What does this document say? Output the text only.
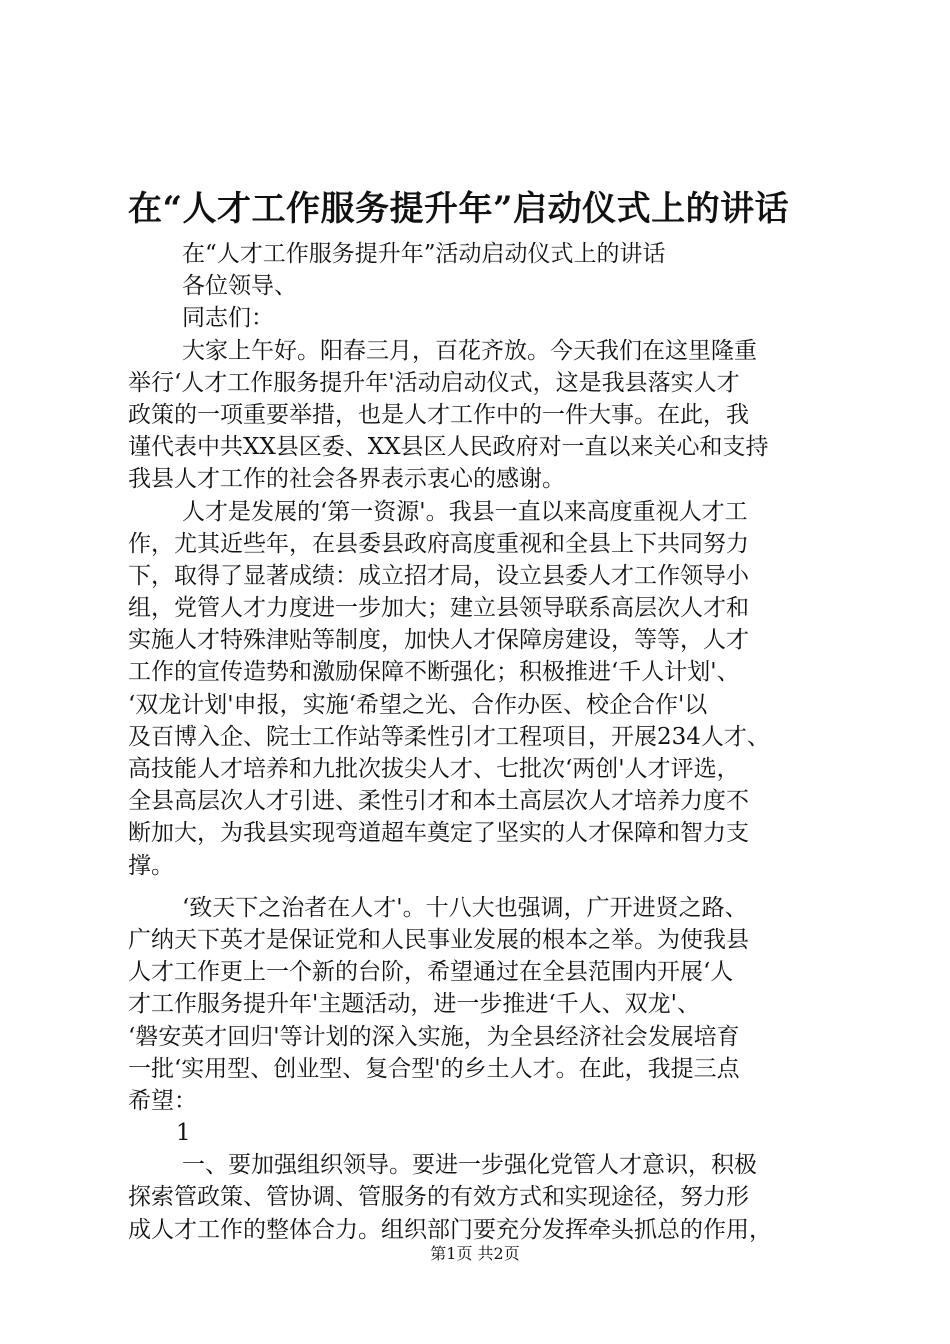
在“人才工作服务提升年”启动仪式上的讲话
在“人才工作服务提升年”活动启动仪式上的讲话
各位领导、
同志们：
大家上午好。阳春三月，百花齐放。今天我们在这里隆重
举行‘人才工作服务提升年'活动启动仪式，这是我县落实人才
政策的一项重要举措，也是人才工作中的一件大事。在此，我
谨代表中共XX县区委、XX县区人民政府对一直以来关心和支持
我县人才工作的社会各界表示衷心的感谢。
人才是发展的‘第一资源'。我县一直以来高度重视人才工
作，尤其近些年，在县委县政府高度重视和全县上下共同努力
下，取得了显著成绩：成立招才局，设立县委人才工作领导小
组，党管人才力度进一步加大；建立县领导联系高层次人才和
实施人才特殊津贴等制度，加快人才保障房建设，等等，人才
工作的宣传造势和激励保障不断强化；积极推进‘千人计划'、
‘双龙计划'申报，实施‘希望之光、合作办医、校企合作'以
及百博入企、院士工作站等柔性引才工程项目，开展234人才、
高技能人才培养和九批次拔尖人才、七批次‘两创'人才评选，
全县高层次人才引进、柔性引才和本土高层次人才培养力度不
断加大，为我县实现弯道超车奠定了坚实的人才保障和智力支
撑。
‘致天下之治者在人才'。十八大也强调，广开进贤之路、
广纳天下英才是保证党和人民事业发展的根本之举。为使我县
人才工作更上一个新的台阶，希望通过在全县范围内开展‘人
才工作服务提升年'主题活动，进一步推进‘千人、双龙'、
‘磐安英才回归'等计划的深入实施，为全县经济社会发展培育
一批‘实用型、创业型、复合型'的乡土人才。在此，我提三点
希望：
1
一、要加强组织领导。要进一步强化党管人才意识，积极
探索管政策、管协调、管服务的有效方式和实现途径，努力形
成人才工作的整体合力。组织部门要充分发挥牵头抓总的作用，
第1页 共2页
